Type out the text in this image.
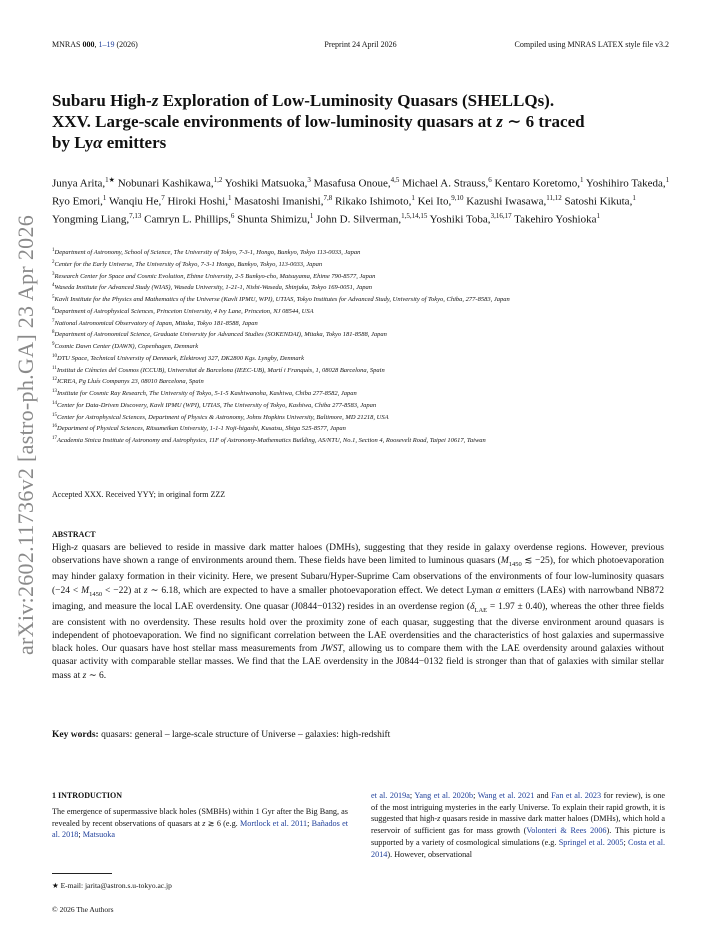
MNRAS 000, 1–19 (2026)	Preprint 24 April 2026	Compiled using MNRAS LATEX style file v3.2
arXiv:2602.11736v2 [astro-ph.GA] 23 Apr 2026
Subaru High-z Exploration of Low-Luminosity Quasars (SHELLQs).
XXV. Large-scale environments of low-luminosity quasars at z ∼ 6 traced
by Lyα emitters
Junya Arita,$^{1★}$ Nobunari Kashikawa,$^{1,2}$ Yoshiki Matsuoka,$^3$ Masafusa Onoue,$^{4,5}$ Michael A. Strauss,$^6$ Kentaro Koretomo,$^1$ Yoshihiro Takeda,$^1$ Ryo Emori,$^1$ Wanqiu He,$^7$ Hiroki Hoshi,$^1$ Masatoshi Imanishi,$^{7,8}$ Rikako Ishimoto,$^1$ Kei Ito,$^{9,10}$ Kazushi Iwasawa,$^{11,12}$ Satoshi Kikuta,$^1$ Yongming Liang,$^{7,13}$ Camryn L. Phillips,$^6$ Shunta Shimizu,$^1$ John D. Silverman,$^{1,5,14,15}$ Yoshiki Toba,$^{3,16,17}$ Takehiro Yoshioka$^1$
$^1$Department of Astronomy, School of Science, The University of Tokyo, 7-3-1, Hongo, Bunkyo, Tokyo 113-0033, Japan
$^2$Center for the Early Universe, The University of Tokyo, 7-3-1 Hongo, Bunkyo, Tokyo, 113-0033, Japan
$^3$Research Center for Space and Cosmic Evolution, Ehime University, 2-5 Bunkyo-cho, Matsuyama, Ehime 790-8577, Japan
$^4$Waseda Institute for Advanced Study (WIAS), Waseda University, 1-21-1, Nishi-Waseda, Shinjuku, Tokyo 169-0051, Japan
$^5$Kavli Institute for the Physics and Mathematics of the Universe (Kavli IPMU, WPI), UTIAS, Tokyo Institutes for Advanced Study, University of Tokyo, Chiba, 277-8583, Japan
$^6$Department of Astrophysical Sciences, Princeton University, 4 Ivy Lane, Princeton, NJ 08544, USA
$^7$National Astronomical Observatory of Japan, Mitaka, Tokyo 181-8588, Japan
$^8$Department of Astronomical Science, Graduate University for Advanced Studies (SOKENDAI), Mitaka, Tokyo 181-8588, Japan
$^9$Cosmic Dawn Center (DAWN), Copenhagen, Denmark
$^{10}$DTU Space, Technical University of Denmark, Elektrovej 327, DK2800 Kgs. Lyngby, Denmark
$^{11}$Institut de Ciències del Cosmos (ICCUB), Universitat de Barcelona (IEEC-UB), Martí i Franquès, 1, 08028 Barcelona, Spain
$^{12}$ICREA, Pg Lluís Companys 23, 08010 Barcelona, Spain
$^{13}$Institute for Cosmic Ray Research, The University of Tokyo, 5-1-5 Kashiwanoha, Kashiwa, Chiba 277-8582, Japan
$^{14}$Center for Data-Driven Discovery, Kavli IPMU (WPI), UTIAS, The University of Tokyo, Kashiwa, Chiba 277-8583, Japan
$^{15}$Center for Astrophysical Sciences, Department of Physics & Astronomy, Johns Hopkins University, Baltimore, MD 21218, USA
$^{16}$Department of Physical Sciences, Ritsumeikan University, 1-1-1 Noji-higashi, Kusatsu, Shiga 525-8577, Japan
$^{17}$Academia Sinica Institute of Astronomy and Astrophysics, 11F of Astronomy-Mathematics Building, AS/NTU, No.1, Section 4, Roosevelt Road, Taipei 10617, Taiwan
Accepted XXX. Received YYY; in original form ZZZ
ABSTRACT
High-z quasars are believed to reside in massive dark matter haloes (DMHs), suggesting that they reside in galaxy overdense regions. However, previous observations have shown a range of environments around them. These fields have been limited to luminous quasars ($M_{1450}$ ≲ −25), for which photoevaporation may hinder galaxy formation in their vicinity. Here, we present Subaru/Hyper-Suprime Cam observations of the environments of four low-luminosity quasars $(-24 < M_{1450} < -22)$ at z ∼ 6.18, which are expected to have a smaller photoevaporation effect. We detect Lyman α emitters (LAEs) with narrowband NB872 imaging, and measure the local LAE overdensity. One quasar (J0844−0132) resides in an overdense region $(\delta_{LAE} = 1.97 \pm 0.40)$, whereas the other three fields are consistent with no overdensity. These results hold over the proximity zone of each quasar, suggesting that the diverse environment around quasars is independent of photoevaporation. We find no significant correlation between the LAE overdensities and the characteristics of host galaxies and supermassive black holes. Our quasars have host stellar mass measurements from JWST, allowing us to compare them with the LAE overdensity around galaxies without quasar activity with comparable stellar masses. We find that the LAE overdensity in the J0844−0132 field is stronger than that of galaxies with similar stellar mass at z ∼ 6.
Key words: quasars: general – large-scale structure of Universe – galaxies: high-redshift
1 INTRODUCTION
The emergence of supermassive black holes (SMBHs) within 1 Gyr after the Big Bang, as revealed by recent observations of quasars at z ≳ 6 (e.g. Mortlock et al. 2011; Bañados et al. 2018; Matsuoka
et al. 2019a; Yang et al. 2020b; Wang et al. 2021 and Fan et al. 2023 for review), is one of the most intriguing mysteries in the early Universe. To explain their rapid growth, it is suggested that high-z quasars reside in massive dark matter haloes (DMHs), which hold a reservoir of sufficient gas for mass growth (Volonteri & Rees 2006). This picture is supported by a variety of cosmological simulations (e.g. Springel et al. 2005; Costa et al. 2014). However, observational
★ E-mail: jarita@astron.s.u-tokyo.ac.jp
© 2026 The Authors
